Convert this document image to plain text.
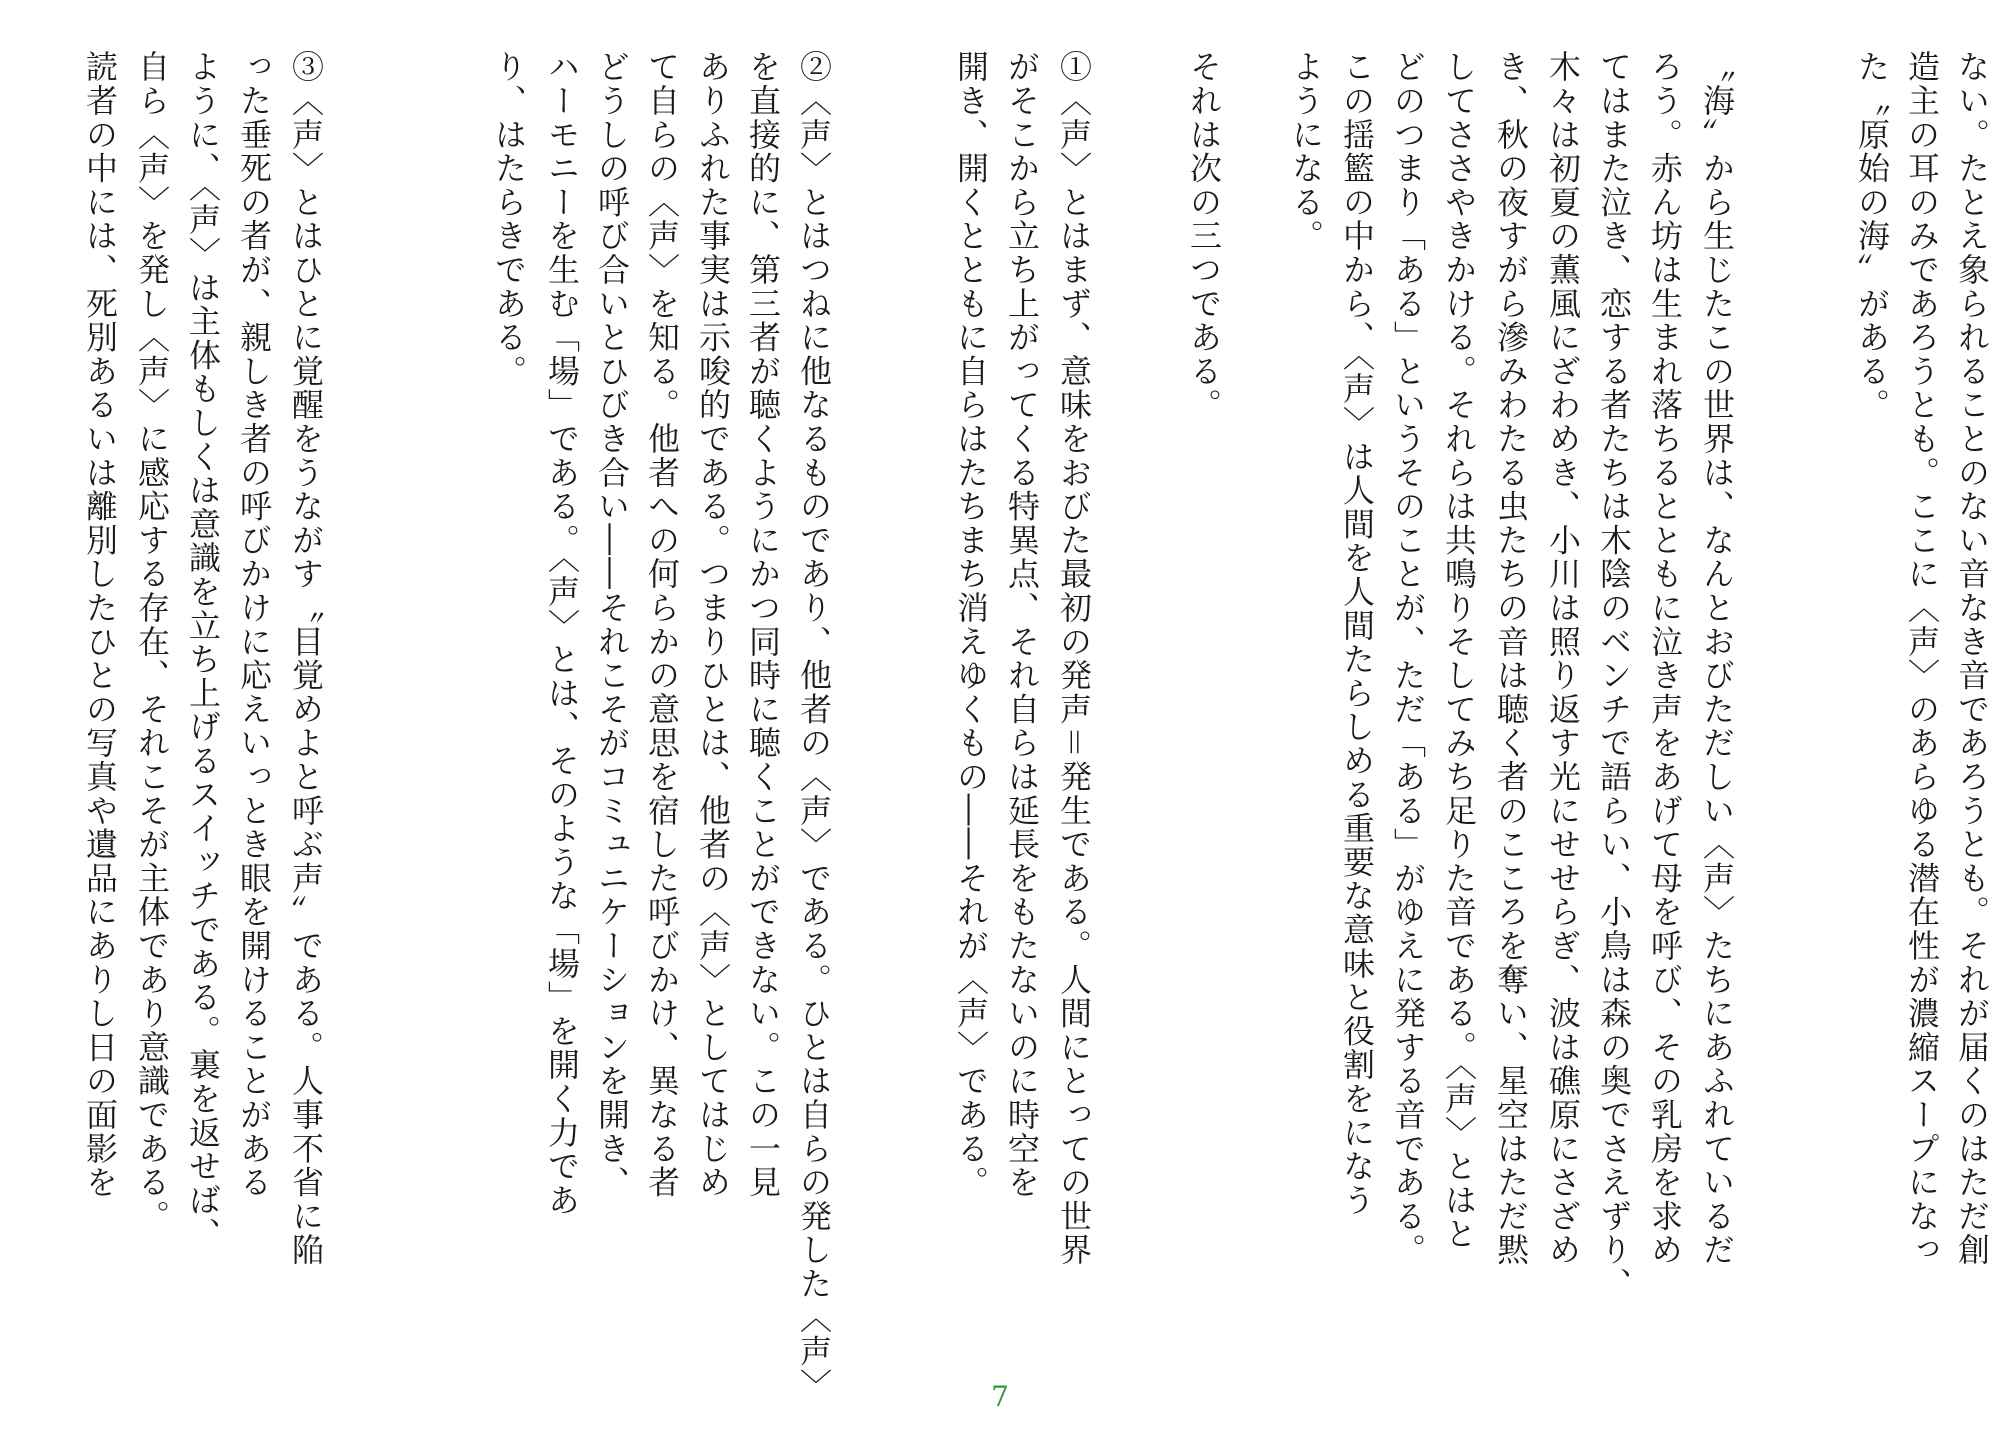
ない。たとえ象られることのない音なき音であろうとも。それが届くのはただ創
造主の耳のみであろうとも。ここに〈声〉のあらゆる潜在性が濃縮スープになっ
た〝原始の海〟がある。
〝海〟から生じたこの世界は、なんとおびただしい〈声〉たちにあふれているだ
ろう。赤ん坊は生まれ落ちるとともに泣き声をあげて母を呼び、その乳房を求め
てはまた泣き、恋する者たちは木陰のベンチで語らい、小鳥は森の奥でさえずり、
木々は初夏の薫風にざわめき、小川は照り返す光にせせらぎ、波は礁原にさざめ
き、秋の夜すがら滲みわたる虫たちの音は聴く者のこころを奪い、星空はただ黙
してささやきかける。それらは共鳴りそしてみち足りた音である。〈声〉とはと
どのつまり「ある」というそのことが、ただ「ある」がゆえに発する音である。
この揺籃の中から、〈声〉は人間を人間たらしめる重要な意味と役割をになう
ようになる。
それは次の三つである。
①〈声〉とはまず、意味をおびた最初の発声＝発生である。人間にとっての世界
がそこから立ち上がってくる特異点、それ自らは延長をもたないのに時空を
開き、開くとともに自らはたちまち消えゆくもの――それが〈声〉である。
②〈声〉とはつねに他なるものであり、他者の〈声〉である。ひとは自らの発した〈声〉
を直接的に、第三者が聴くようにかつ同時に聴くことができない。この一見
ありふれた事実は示唆的である。つまりひとは、他者の〈声〉としてはじめ
て自らの〈声〉を知る。他者への何らかの意思を宿した呼びかけ、異なる者
どうしの呼び合いとひびき合い――それこそがコミュニケーションを開き、
ハーモニーを生む「場」である。〈声〉とは、そのような「場」を開く力であ
り、はたらきである。
③〈声〉とはひとに覚醒をうながす〝目覚めよと呼ぶ声〟である。人事不省に陥
った垂死の者が、親しき者の呼びかけに応えいっとき眼を開けることがある
ように、〈声〉は主体もしくは意識を立ち上げるスイッチである。裏を返せば、
自ら〈声〉を発し〈声〉に感応する存在、それこそが主体であり意識である。
読者の中には、死別あるいは離別したひとの写真や遺品にありし日の面影を
7
